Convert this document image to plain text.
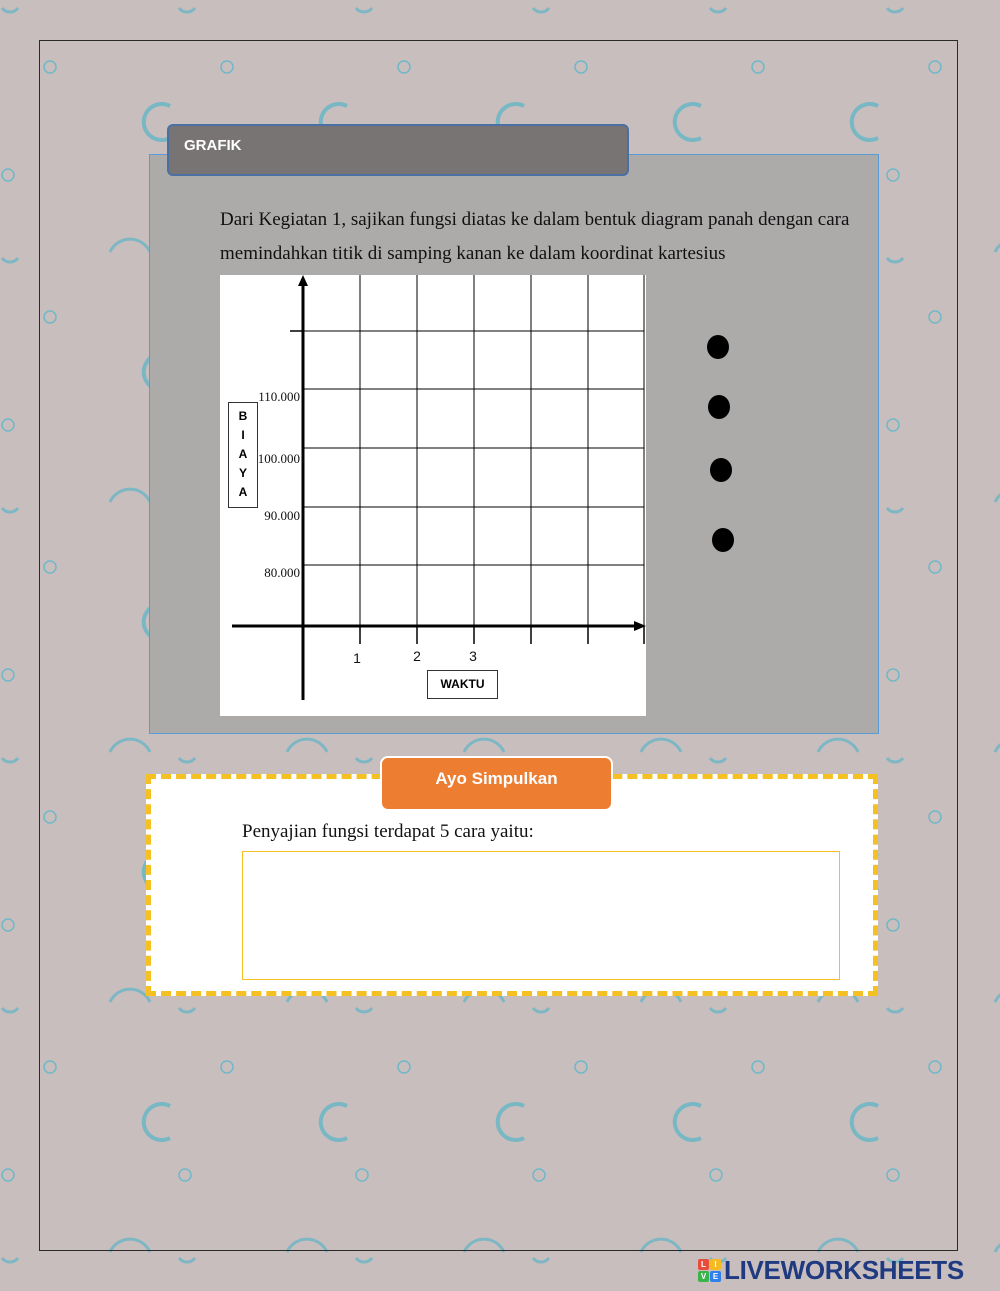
GRAFIK
Dari Kegiatan 1, sajikan fungsi diatas ke dalam bentuk diagram panah dengan cara memindahkan titik di samping kanan ke dalam koordinat kartesius
80.000
90.000
100.000
110.000
1	2	3
B
I
A
Y
A
WAKTU
Ayo Simpulkan
Penyajian fungsi terdapat 5 cara yaitu:
L	I
V E LIVEWORKSHEETS
